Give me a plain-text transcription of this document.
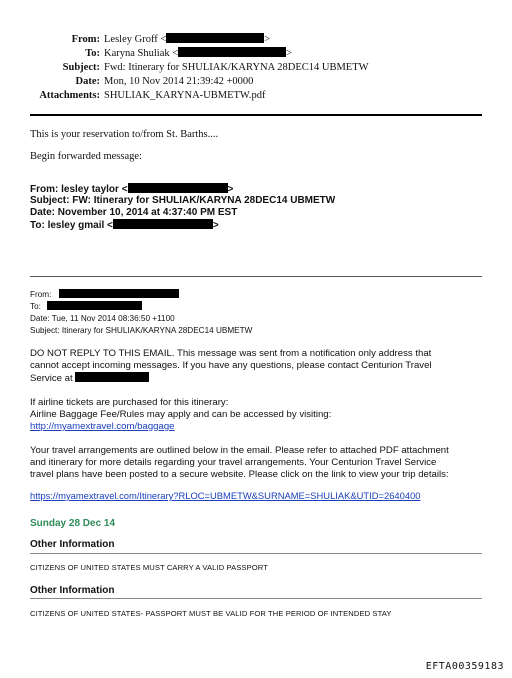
From: Lesley Groff <	>
To: Karyna Shuliak <	>
Subject: Fwd: Itinerary for SHULIAK/KARYNA 28DEC14 UBMETW
Date: Mon, 10 Nov 2014 21:39:42 +0000
Attachments: SHULIAK_KARYNA-UBMETW.pdf
This is your reservation to/from St. Barths....
Begin forwarded message:
From: lesley taylor <	>
Subject: FW: Itinerary for SHULIAK/KARYNA 28DEC14 UBMETW
Date: November 10, 2014 at 4:37:40 PM EST
To: lesley gmail <	>
From:
To:
Date: Tue, 11 Nov 2014 08:36:50 +1100
Subject: Itinerary for SHULIAK/KARYNA 28DEC14 UBMETW
DO NOT REPLY TO THIS EMAIL. This message was sent from a notification only address that
cannot accept incoming messages. If you have any questions, please contact Centurion Travel
Service at
If airline tickets are purchased for this itinerary:
Airline Baggage Fee/Rules may apply and can be accessed by visiting:
http://myamextravel.com/baggage
Your travel arrangements are outlined below in the email. Please refer to attached PDF attachment
and itinerary for more details regarding your travel arrangements. Your Centurion Travel Service
travel plans have been posted to a secure website. Please click on the link to view your trip details:
https://myamextravel.com/Itinerary?RLOC=UBMETW&SURNAME=SHULIAK&UTID=2640400
Sunday 28 Dec 14
Other Information
CITIZENS OF UNITED STATES MUST CARRY A VALID PASSPORT
Other Information
CITIZENS OF UNITED STATES- PASSPORT MUST BE VALID FOR THE PERIOD OF INTENDED STAY
EFTA00359183
